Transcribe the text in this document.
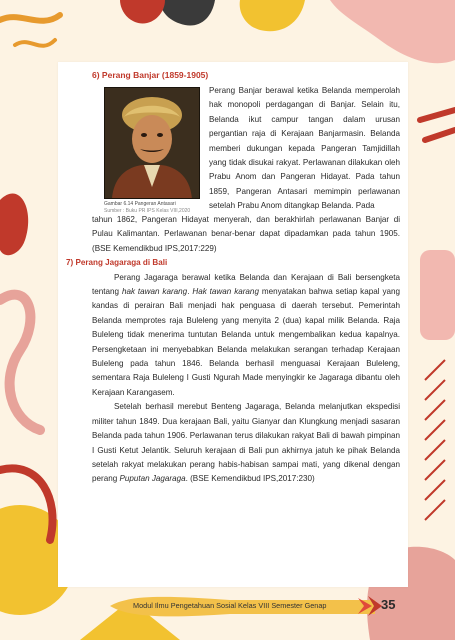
6) Perang Banjar (1859-1905)
Gambar 6.14 Pangeran Antasari
Sumber : Buku PR IPS Kelas VIII,2020
Perang Banjar berawal ketika Belanda memperolah hak monopoli perdagangan di Banjar. Selain itu, Belanda ikut campur tangan dalam urusan pergantian raja di Kerajaan Banjarmasin. Belanda memberi dukungan kepada Pangeran Tamjidillah yang tidak disukai rakyat. Perlawanan dilakukan oleh Prabu Anom dan Pangeran Hidayat. Pada tahun 1859, Pangeran Antasari memimpin perlawanan setelah Prabu Anom ditangkap Belanda. Pada

tahun 1862, Pangeran Hidayat menyerah, dan berakhirlah perlawanan Banjar di Pulau Kalimantan. Perlawanan benar-benar dapat dipadamkan pada tahun 1905. (BSE Kemendikbud IPS,2017:229)

7) Perang Jagaraga di Bali

Perang Jagaraga berawal ketika Belanda dan Kerajaan di Bali bersengketa tentang hak tawan karang. Hak tawan karang menyatakan bahwa setiap kapal yang kandas di perairan Bali menjadi hak penguasa di daerah tersebut. Pemerintah Belanda memprotes raja Buleleng yang menyita 2 (dua) kapal milik Belanda. Raja Buleleng tidak menerima tuntutan Belanda untuk mengembalikan kedua kapalnya. Persengketaan ini menyebabkan Belanda melakukan serangan terhadap Kerajaan Buleleng pada tahun 1846. Belanda berhasil menguasai Kerajaan Buleleng, sementara Raja Buleleng I Gusti Ngurah Made menyingkir ke Jagaraga dibantu oleh Kerajaan Karangasem.

Setelah berhasil merebut Benteng Jagaraga, Belanda melanjutkan ekspedisi militer tahun 1849. Dua kerajaan Bali, yaitu Gianyar dan Klungkung menjadi sasaran Belanda pada tahun 1906. Perlawanan terus dilakukan rakyat Bali di bawah pimpinan I Gusti Ketut Jelantik. Seluruh kerajaan di Bali pun akhirnya jatuh ke pihak Belanda setelah rakyat melakukan perang habis-habisan sampai mati, yang dikenal dengan perang Puputan Jagaraga. (BSE Kemendikbud IPS,2017:230)

Modul Ilmu Pengetahuan Sosial Kelas VIII Semester Genap	35
